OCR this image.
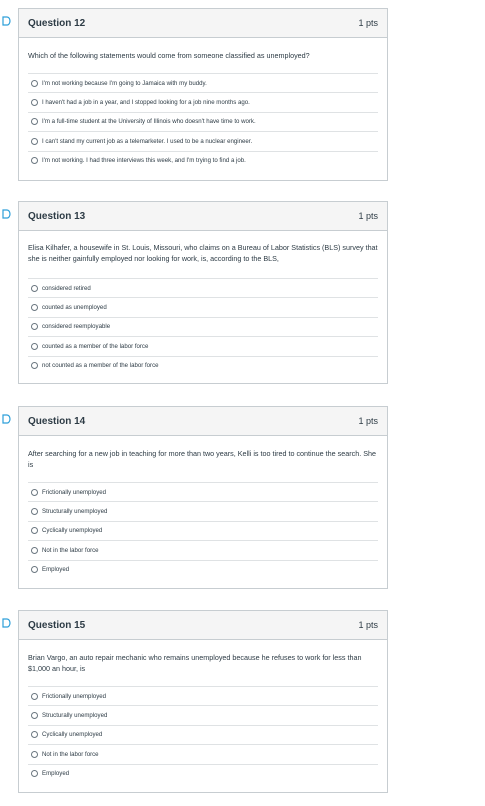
Question 12	1 pts

Which of the following statements would come from someone classified as unemployed?

I'm not working because I'm going to Jamaica with my buddy.
I haven't had a job in a year, and I stopped looking for a job nine months ago.
I'm a full-time student at the University of Illinois who doesn't have time to work.
I can't stand my current job as a telemarketer. I used to be a nuclear engineer.
I'm not working. I had three interviews this week, and I'm trying to find a job.
Question 13	1 pts

Elisa Kilhafer, a housewife in St. Louis, Missouri, who claims on a Bureau of Labor Statistics (BLS) survey that she is neither gainfully employed nor looking for work, is, according to the BLS,

considered retired
counted as unemployed
considered reemployable
counted as a member of the labor force
not counted as a member of the labor force
Question 14	1 pts

After searching for a new job in teaching for more than two years, Kelli is too tired to continue the search. She is

Frictionally unemployed
Structurally unemployed
Cyclically unemployed
Not in the labor force
Employed
Question 15	1 pts

Brian Vargo, an auto repair mechanic who remains unemployed because he refuses to work for less than $1,000 an hour, is

Frictionally unemployed
Structurally unemployed
Cyclically unemployed
Not in the labor force
Employed
